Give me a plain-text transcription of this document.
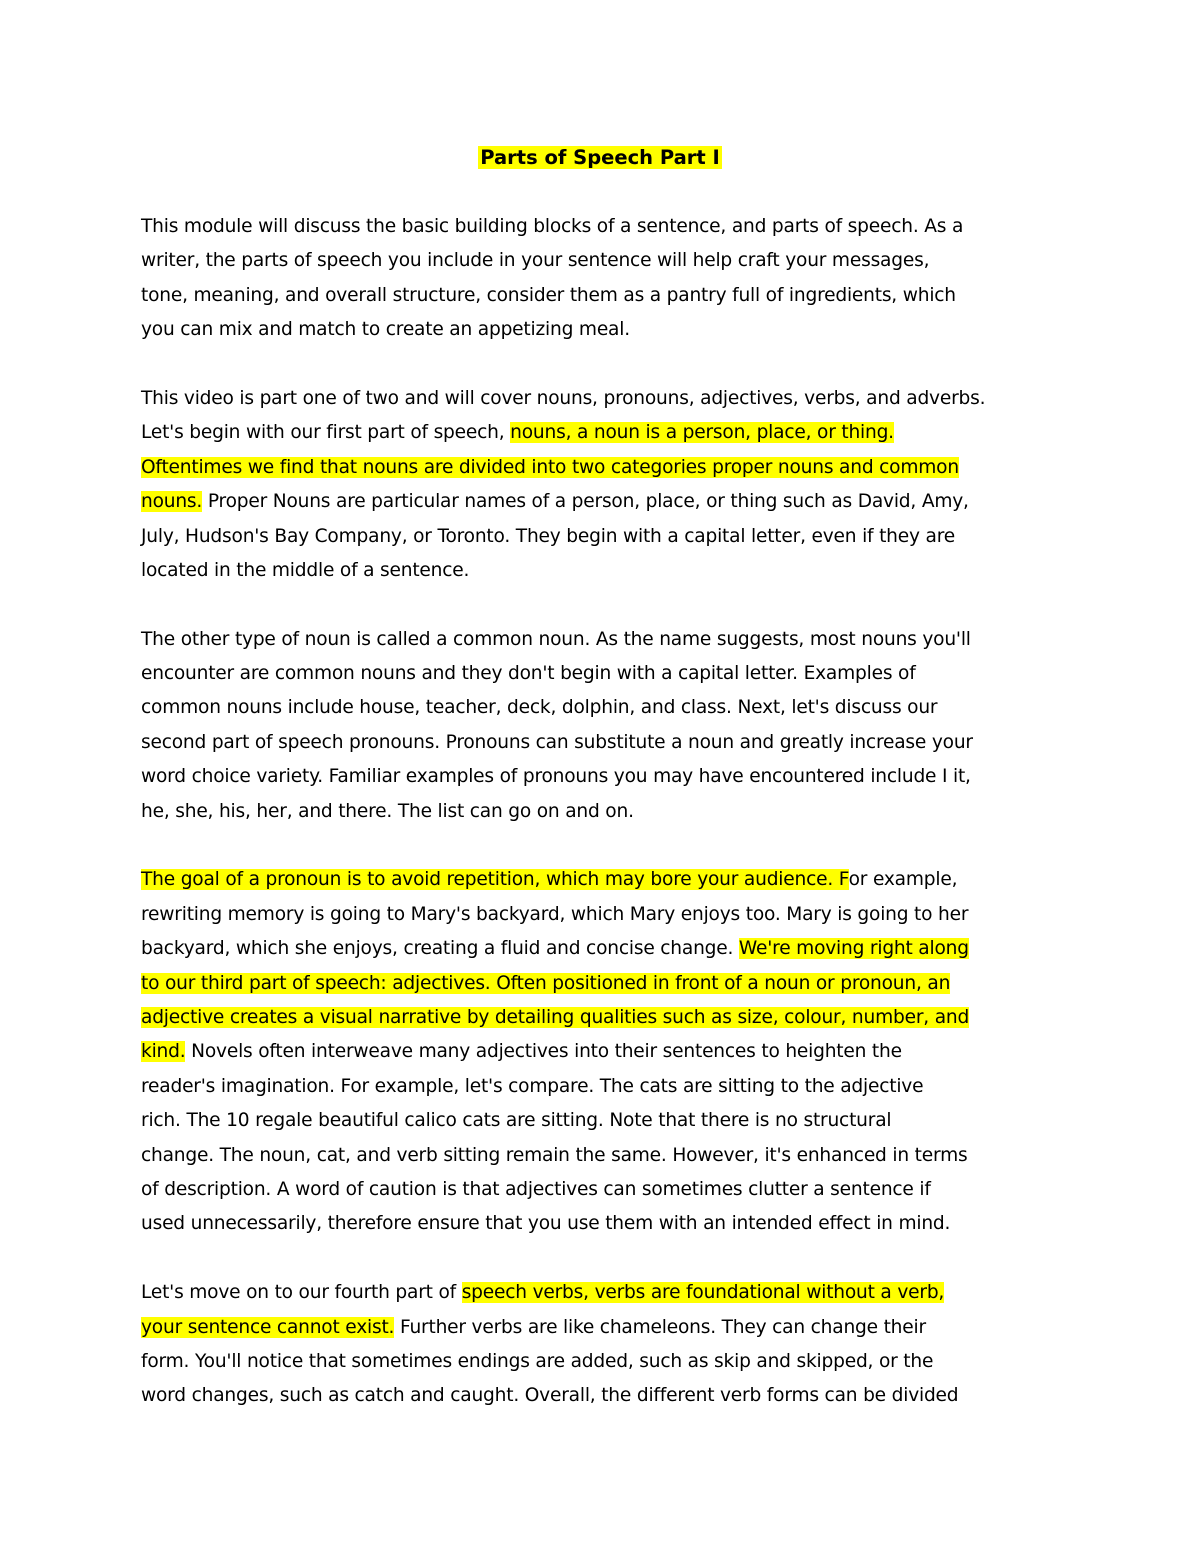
Parts of Speech Part I
This module will discuss the basic building blocks of a sentence, and parts of speech. As a
writer, the parts of speech you include in your sentence will help craft your messages,
tone, meaning, and overall structure, consider them as a pantry full of ingredients, which
you can mix and match to create an appetizing meal.
This video is part one of two and will cover nouns, pronouns, adjectives, verbs, and adverbs.
Let's begin with our first part of speech, nouns, a noun is a person, place, or thing.
Oftentimes we find that nouns are divided into two categories proper nouns and common
nouns. Proper Nouns are particular names of a person, place, or thing such as David, Amy,
July, Hudson's Bay Company, or Toronto. They begin with a capital letter, even if they are
located in the middle of a sentence.
The other type of noun is called a common noun. As the name suggests, most nouns you'll
encounter are common nouns and they don't begin with a capital letter. Examples of
common nouns include house, teacher, deck, dolphin, and class. Next, let's discuss our
second part of speech pronouns. Pronouns can substitute a noun and greatly increase your
word choice variety. Familiar examples of pronouns you may have encountered include I it,
he, she, his, her, and there. The list can go on and on.
The goal of a pronoun is to avoid repetition, which may bore your audience. For example,
rewriting memory is going to Mary's backyard, which Mary enjoys too. Mary is going to her
backyard, which she enjoys, creating a fluid and concise change. We're moving right along
to our third part of speech: adjectives. Often positioned in front of a noun or pronoun, an
adjective creates a visual narrative by detailing qualities such as size, colour, number, and
kind. Novels often interweave many adjectives into their sentences to heighten the
reader's imagination. For example, let's compare. The cats are sitting to the adjective
rich. The 10 regale beautiful calico cats are sitting. Note that there is no structural
change. The noun, cat, and verb sitting remain the same. However, it's enhanced in terms
of description. A word of caution is that adjectives can sometimes clutter a sentence if
used unnecessarily, therefore ensure that you use them with an intended effect in mind.
Let's move on to our fourth part of speech verbs, verbs are foundational without a verb,
your sentence cannot exist. Further verbs are like chameleons. They can change their
form. You'll notice that sometimes endings are added, such as skip and skipped, or the
word changes, such as catch and caught. Overall, the different verb forms can be divided
